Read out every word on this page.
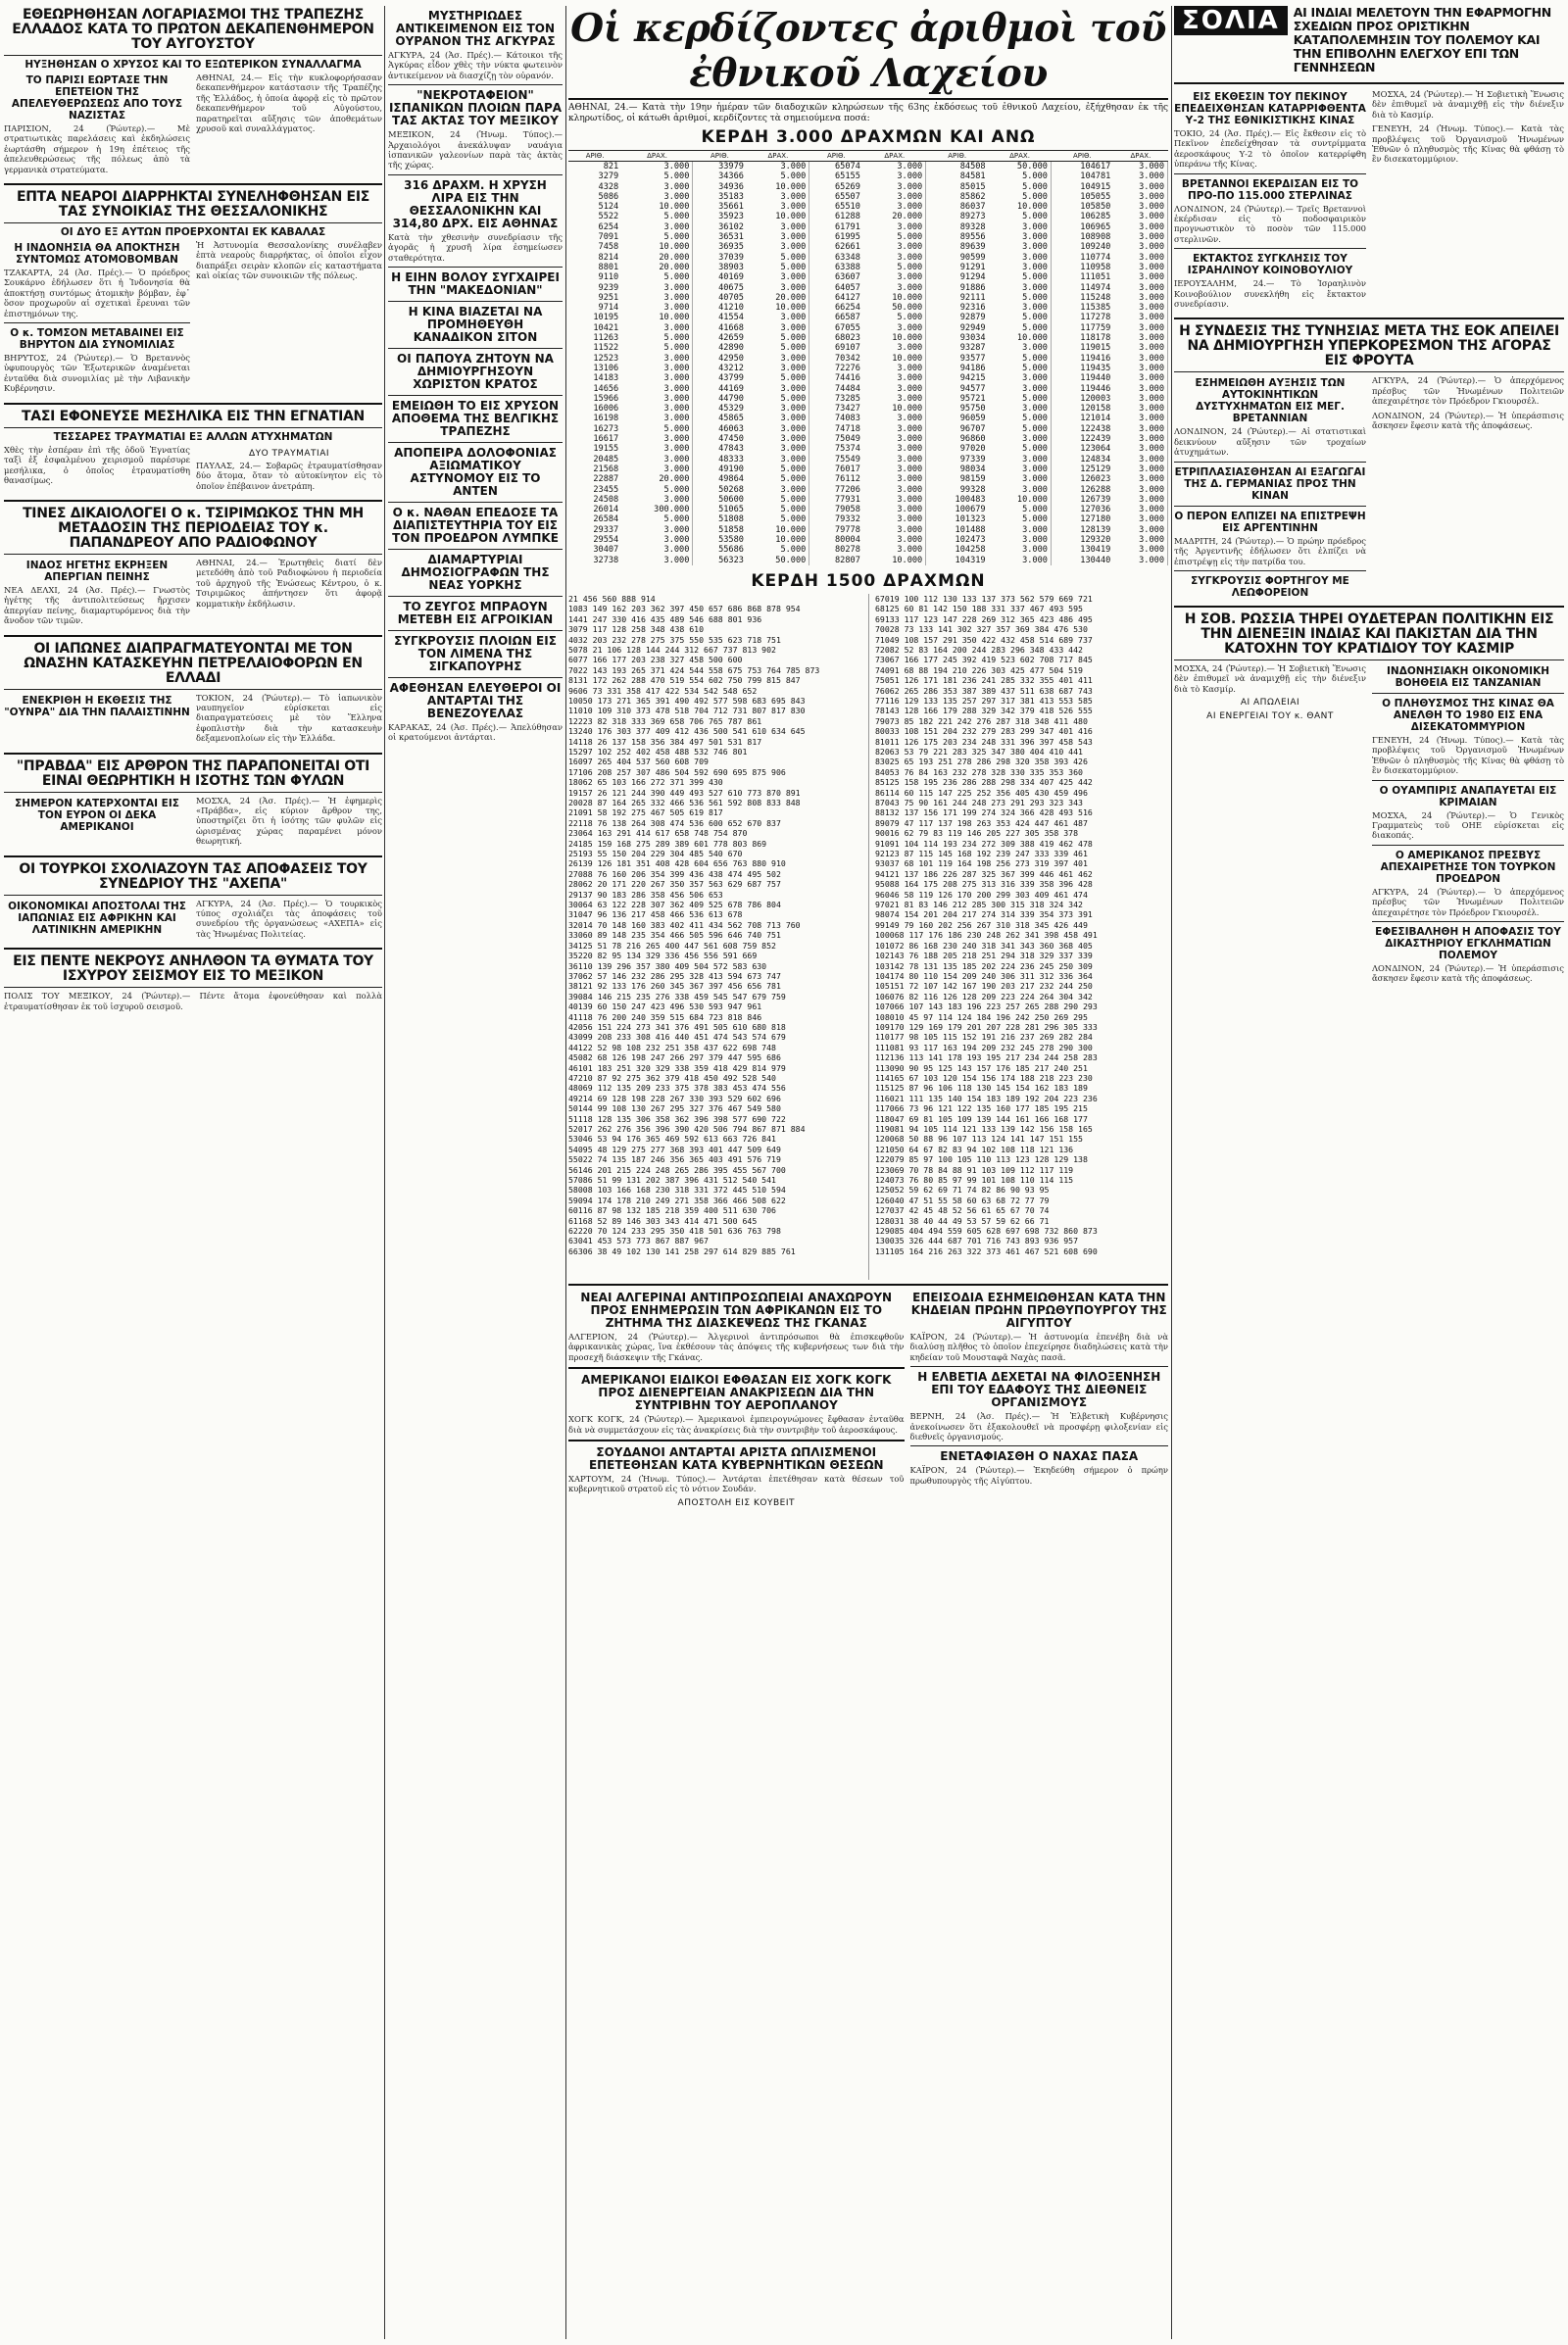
ΕΘΕΩΡΗΘΗΣΑΝ ΛΟΓΑΡΙΑΣΜΟΙ ΤΗΣ ΤΡΑΠΕΖΗΣ ΕΛΛΑΔΟΣ ΚΑΤΑ ΤΟ ΠΡΩΤΟΝ ΔΕΚΑΠΕΝΘΗΜΕΡΟΝ ΤΟΥ ΑΥΓΟΥΣΤΟΥ
ΗΥΞΗΘΗΣΑΝ Ο ΧΡΥΣΟΣ ΚΑΙ ΤΟ ΕΞΩΤΕΡΙΚΟΝ ΣΥΝΑΛΛΑΓΜΑ
ΤΟ ΠΑΡΙΣΙ ΕΩΡΤΑΣΕ ΤΗΝ ΕΠΕΤΕΙΟΝ ΤΗΣ ΑΠΕΛΕΥΘΕΡΩΣΕΩΣ ΑΠΟ ΤΟΥΣ ΝΑΖΙΣΤΑΣ

ΠΑΡΙΣΙΟΝ, 24 (Ῥώυτερ).— Μὲ στρατιωτικὰς παρελάσεις καὶ ἐκδηλώσεις ἐωρτάσθη σήμερον ἡ 19η ἐπέτειος τῆς ἀπελευθερώσεως τῆς πόλεως ἀπὸ τὰ γερμανικὰ στρατεύματα.

ΑΘΗΝΑΙ, 24.— Εἰς τὴν κυκλοφορήσασαν δεκαπενθήμερον κατάστασιν τῆς Τραπέζης τῆς Ἑλλάδος, ἡ ὁποία ἀφορᾷ εἰς τὸ πρῶτον δεκαπενθήμερον τοῦ Αὐγούστου, παρατηρεῖται αὔξησις τῶν ἀποθεμάτων χρυσοῦ καὶ συναλλάγματος.

ΕΠΤΑ ΝΕΑΡΟΙ ΔΙΑΡΡΗΚΤΑΙ ΣΥΝΕΛΗΦΘΗΣΑΝ ΕΙΣ ΤΑΣ ΣΥΝΟΙΚΙΑΣ ΤΗΣ ΘΕΣΣΑΛΟΝΙΚΗΣ
ΟΙ ΔΥΟ ΕΞ ΑΥΤΩΝ ΠΡΟΕΡΧΟΝΤΑΙ ΕΚ ΚΑΒΑΛΑΣ
Η ΙΝΔΟΝΗΣΙΑ ΘΑ ΑΠΟΚΤΗΣΗ ΣΥΝΤΟΜΩΣ ΑΤΟΜΟΒΟΜΒΑΝ

ΤΖΑΚΑΡΤΑ, 24 (Ἀσ. Πρές).— Ὁ πρόεδρος Σουκάρνο ἐδήλωσεν ὅτι ἡ Ἰνδονησία θὰ ἀποκτήσῃ συντόμως ἀτομικὴν βόμβαν, ἐφ᾽ ὅσον προχωροῦν αἱ σχετικαὶ ἔρευναι τῶν ἐπιστημόνων της.

Ο κ. ΤΟΜΣΟΝ ΜΕΤΑΒΑΙΝΕΙ ΕΙΣ ΒΗΡΥΤΟΝ ΔΙΑ ΣΥΝΟΜΙΛΙΑΣ

ΒΗΡΥΤΟΣ, 24 (Ῥώυτερ).— Ὁ Βρεταννὸς ὑφυπουργὸς τῶν Ἐξωτερικῶν ἀναμένεται ἐνταῦθα διὰ συνομιλίας μὲ τὴν Λιβανικὴν Κυβέρνησιν.

Ἡ Ἀστυνομία Θεσσαλονίκης συνέλαβεν ἑπτὰ νεαροὺς διαρρήκτας, οἱ ὁποῖοι εἶχον διαπράξει σειρὰν κλοπῶν εἰς καταστήματα καὶ οἰκίας τῶν συνοικιῶν τῆς πόλεως.

ΤΑΣΙ ΕΦΟΝΕΥΣΕ ΜΕΣΗΛΙΚΑ ΕΙΣ ΤΗΝ ΕΓΝΑΤΙΑΝ
ΤΕΣΣΑΡΕΣ ΤΡΑΥΜΑΤΙΑΙ ΕΞ ΑΛΛΩΝ ΑΤΥΧΗΜΑΤΩΝ

Χθὲς τὴν ἑσπέραν ἐπὶ τῆς ὁδοῦ Ἐγνατίας ταξὶ ἐξ ἐσφαλμένου χειρισμοῦ παρέσυρε μεσήλικα, ὁ ὁποῖος ἐτραυματίσθη θανασίμως.

ΔΥΟ ΤΡΑΥΜΑΤΙΑΙ

ΠΑΥΛΑΣ, 24.— Σοβαρῶς ἐτραυματίσθησαν δύο ἄτομα, ὅταν τὸ αὐτοκίνητον εἰς τὸ ὁποῖον ἐπέβαινον ἀνετράπη.

ΤΙΝΕΣ ΔΙΚΑΙΟΛΟΓΕΙ Ο κ. ΤΣΙΡΙΜΩΚΟΣ ΤΗΝ ΜΗ ΜΕΤΑΔΟΣΙΝ ΤΗΣ ΠΕΡΙΟΔΕΙΑΣ ΤΟΥ κ. ΠΑΠΑΝΔΡΕΟΥ ΑΠΟ ΡΑΔΙΟΦΩΝΟΥ
ΙΝΔΟΣ ΗΓΕΤΗΣ ΕΚΡΗΞΕΝ ΑΠΕΡΓΙΑΝ ΠΕΙΝΗΣ

ΝΕΑ ΔΕΛΧΙ, 24 (Ἀσ. Πρές).— Γνωστὸς ἡγέτης τῆς ἀντιπολιτεύσεως ἤρχισεν ἀπεργίαν πείνης, διαμαρτυρόμενος διὰ τὴν ἄνοδον τῶν τιμῶν.

ΑΘΗΝΑΙ, 24.— Ἐρωτηθεὶς διατί δὲν μετεδόθη ἀπὸ τοῦ Ραδιοφώνου ἡ περιοδεία τοῦ ἀρχηγοῦ τῆς Ἑνώσεως Κέντρου, ὁ κ. Τσιριμῶκος ἀπήντησεν ὅτι ἀφορᾷ κομματικὴν ἐκδήλωσιν.

ΟΙ ΙΑΠΩΝΕΣ ΔΙΑΠΡΑΓΜΑΤΕΥΟΝΤΑΙ ΜΕ ΤΟΝ ΩΝΑΣΗΝ ΚΑΤΑΣΚΕΥΗΝ ΠΕΤΡΕΛΑΙΟΦΟΡΩΝ ΕΝ ΕΛΛΑΔΙ
ΕΝΕΚΡΙΘΗ Η ΕΚΘΕΣΙΣ ΤΗΣ "ΟΥΝΡΑ" ΔΙΑ ΤΗΝ ΠΑΛΑΙΣΤΙΝΗΝ

ΤΟΚΙΟΝ, 24 (Ῥώυτερ).— Τὸ ἰαπωνικὸν ναυπηγεῖον εὑρίσκεται εἰς διαπραγματεύσεις μὲ τὸν Ἕλληνα ἐφοπλιστὴν διὰ τὴν κατασκευὴν δεξαμενοπλοίων εἰς τὴν Ἑλλάδα.

"ΠΡΑΒΔΑ" ΕΙΣ ΑΡΘΡΟΝ ΤΗΣ ΠΑΡΑΠΟΝΕΙΤΑΙ ΟΤΙ ΕΙΝΑΙ ΘΕΩΡΗΤΙΚΗ Η ΙΣΟΤΗΣ ΤΩΝ ΦΥΛΩΝ
ΣΗΜΕΡΟΝ ΚΑΤΕΡΧΟΝΤΑΙ ΕΙΣ ΤΟΝ ΕΥΡΟΝ ΟΙ ΔΕΚΑ ΑΜΕΡΙΚΑΝΟΙ

ΜΟΣΧΑ, 24 (Ἀσ. Πρές).— Ἡ ἐφημερὶς «Πράβδα», εἰς κύριον ἄρθρον της, ὑποστηρίζει ὅτι ἡ ἰσότης τῶν φυλῶν εἰς ὡρισμένας χώρας παραμένει μόνον θεωρητική.

ΟΙ ΤΟΥΡΚΟΙ ΣΧΟΛΙΑΖΟΥΝ ΤΑΣ ΑΠΟΦΑΣΕΙΣ ΤΟΥ ΣΥΝΕΔΡΙΟΥ ΤΗΣ "ΑΧΕΠΑ"
ΟΙΚΟΝΟΜΙΚΑΙ ΑΠΟΣΤΟΛΑΙ ΤΗΣ ΙΑΠΩΝΙΑΣ ΕΙΣ ΑΦΡΙΚΗΝ ΚΑΙ ΛΑΤΙΝΙΚΗΝ ΑΜΕΡΙΚΗΝ

ΑΓΚΥΡΑ, 24 (Ἀσ. Πρές).— Ὁ τουρκικὸς τύπος σχολιάζει τὰς ἀποφάσεις τοῦ συνεδρίου τῆς ὀργανώσεως «ΑΧΕΠΑ» εἰς τὰς Ἡνωμένας Πολιτείας.

ΕΙΣ ΠΕΝΤΕ ΝΕΚΡΟΥΣ ΑΝΗΛΘΟΝ ΤΑ ΘΥΜΑΤΑ ΤΟΥ ΙΣΧΥΡΟΥ ΣΕΙΣΜΟΥ ΕΙΣ ΤΟ ΜΕΞΙΚΟΝ

ΠΟΛΙΣ ΤΟΥ ΜΕΞΙΚΟΥ, 24 (Ῥώυτερ).— Πέντε ἄτομα ἐφονεύθησαν καὶ πολλὰ ἐτραυματίσθησαν ἐκ τοῦ ἰσχυροῦ σεισμοῦ.

ΜΥΣΤΗΡΙΩΔΕΣ ΑΝΤΙΚΕΙΜΕΝΟΝ ΕΙΣ ΤΟΝ ΟΥΡΑΝΟΝ ΤΗΣ ΑΓΚΥΡΑΣ

ΑΓΚΥΡΑ, 24 (Ἀσ. Πρές).— Κάτοικοι τῆς Ἀγκύρας εἶδον χθὲς τὴν νύκτα φωτεινὸν ἀντικείμενον νὰ διασχίζῃ τὸν οὐρανόν.

"ΝΕΚΡΟΤΑΦΕΙΟΝ" ΙΣΠΑΝΙΚΩΝ ΠΛΟΙΩΝ ΠΑΡΑ ΤΑΣ ΑΚΤΑΣ ΤΟΥ ΜΕΞΙΚΟΥ

ΜΕΞΙΚΟΝ, 24 (Ἡνωμ. Τύπος).— Ἀρχαιολόγοι ἀνεκάλυψαν ναυάγια ἱσπανικῶν γαλεονίων παρὰ τὰς ἀκτὰς τῆς χώρας.

316 ΔΡΑΧΜ. Η ΧΡΥΣΗ ΛΙΡΑ ΕΙΣ ΤΗΝ ΘΕΣΣΑΛΟΝΙΚΗΝ ΚΑΙ 314,80 ΔΡΧ. ΕΙΣ ΑΘΗΝΑΣ

Κατὰ τὴν χθεσινὴν συνεδρίασιν τῆς ἀγορᾶς ἡ χρυσῆ λίρα ἐσημείωσεν σταθερότητα.

Η ΕΙΗΝ ΒΟΛΟΥ ΣΥΓΧΑΙΡΕΙ ΤΗΝ "ΜΑΚΕΔΟΝΙΑΝ"
Η ΚΙΝΑ ΒΙΑΖΕΤΑΙ ΝΑ ΠΡΟΜΗΘΕΥΘΗ ΚΑΝΑΔΙΚΟΝ ΣΙΤΟΝ
ΟΙ ΠΑΠΟΥΑ ΖΗΤΟΥΝ ΝΑ ΔΗΜΙΟΥΡΓΗΣΟΥΝ ΧΩΡΙΣΤΟΝ ΚΡΑΤΟΣ
ΕΜΕΙΩΘΗ ΤΟ ΕΙΣ ΧΡΥΣΟΝ ΑΠΟΘΕΜΑ ΤΗΣ ΒΕΛΓΙΚΗΣ ΤΡΑΠΕΖΗΣ
ΑΠΟΠΕΙΡΑ ΔΟΛΟΦΟΝΙΑΣ ΑΞΙΩΜΑΤΙΚΟΥ ΑΣΤΥΝΟΜΟΥ ΕΙΣ ΤΟ ΑΝΤΕΝ
Ο κ. ΝΑΘΑΝ ΕΠΕΔΟΣΕ ΤΑ ΔΙΑΠΙΣΤΕΥΤΗΡΙΑ ΤΟΥ ΕΙΣ ΤΟΝ ΠΡΟΕΔΡΟΝ ΛΥΜΠΚΕ
ΔΙΑΜΑΡΤΥΡΙΑΙ ΔΗΜΟΣΙΟΓΡΑΦΩΝ ΤΗΣ ΝΕΑΣ ΥΟΡΚΗΣ
ΤΟ ΖΕΥΓΟΣ ΜΠΡΑΟΥΝ ΜΕΤΕΒΗ ΕΙΣ ΑΓΡΟΙΚΙΑΝ
ΣΥΓΚΡΟΥΣΙΣ ΠΛΟΙΩΝ ΕΙΣ ΤΟΝ ΛΙΜΕΝΑ ΤΗΣ ΣΙΓΚΑΠΟΥΡΗΣ
ΑΦΕΘΗΣΑΝ ΕΛΕΥΘΕΡΟΙ ΟΙ ΑΝΤΑΡΤΑΙ ΤΗΣ ΒΕΝΕΖΟΥΕΛΑΣ

ΚΑΡΑΚΑΣ, 24 (Ἀσ. Πρές).— Ἀπελύθησαν οἱ κρατούμενοι ἀντάρται.

Οἱ κερδίζοντες ἀριθμοὶ τοῦ ἐθνικοῦ Λαχείου

ΑΘΗΝΑΙ, 24.— Κατὰ τὴν 19ην ἡμέραν τῶν διαδοχικῶν κληρώσεων τῆς 63ης ἐκδόσεως τοῦ ἐθνικοῦ Λαχείου, ἐξήχθησαν ἐκ τῆς κληρωτίδος, οἱ κάτωθι ἀριθμοί, κερδίζοντες τὰ σημειούμενα ποσά:

ΚΕΡΔΗ 3.000 ΔΡΑΧΜΩΝ ΚΑΙ ΑΝΩ
ΑΡΙΘ.	ΔΡΑΧ.	ΑΡΙΘ.	ΔΡΑΧ.	ΑΡΙΘ.	ΔΡΑΧ.	ΑΡΙΘ.	ΔΡΑΧ.	ΑΡΙΘ.	ΔΡΑΧ.
821	3.000	33979	3.000	65074	3.000	84508	50.000	104617	3.000
3279	5.000	34366	5.000	65155	3.000	84581	5.000	104781	3.000
4328	3.000	34936	10.000	65269	3.000	85015	5.000	104915	3.000
5086	3.000	35183	3.000	65507	3.000	85862	5.000	105055	3.000
5124	10.000	35661	3.000	65510	3.000	86037	10.000	105850	3.000
5522	5.000	35923	10.000	61288	20.000	89273	5.000	106285	3.000
6254	3.000	36102	3.000	61791	3.000	89328	3.000	106965	3.000
7091	5.000	36531	3.000	61995	5.000	89556	3.000	108908	3.000
7458	10.000	36935	3.000	62661	3.000	89639	3.000	109240	3.000
8214	20.000	37039	5.000	63348	3.000	90599	3.000	110774	3.000
8801	20.000	38903	5.000	63388	5.000	91291	3.000	110958	3.000
9110	5.000	40169	3.000	63607	3.000	91294	5.000	111051	3.000
9239	3.000	40675	3.000	64057	3.000	91886	3.000	114974	3.000
9251	3.000	40705	20.000	64127	10.000	92111	5.000	115248	3.000
9714	3.000	41210	10.000	66254	50.000	92316	3.000	115385	3.000
10195	10.000	41554	3.000	66587	5.000	92879	5.000	117278	3.000
10421	3.000	41668	3.000	67055	3.000	92949	5.000	117759	3.000
11263	5.000	42659	5.000	68023	10.000	93034	10.000	118178	3.000
11522	5.000	42890	5.000	69107	3.000	93287	3.000	119015	3.000
12523	3.000	42950	3.000	70342	10.000	93577	5.000	119416	3.000
13106	3.000	43212	3.000	72276	3.000	94186	5.000	119435	3.000
14183	3.000	43799	5.000	74416	3.000	94215	3.000	119440	3.000
14656	3.000	44169	3.000	74484	3.000	94577	3.000	119446	3.000
15966	3.000	44790	5.000	73285	3.000	95721	5.000	120003	3.000
16006	3.000	45329	3.000	73427	10.000	95750	3.000	120158	3.000
16198	3.000	45865	3.000	74083	3.000	96059	5.000	121014	3.000
16273	5.000	46063	3.000	74718	3.000	96707	5.000	122438	3.000
16617	3.000	47450	3.000	75049	3.000	96860	3.000	122439	3.000
19155	3.000	47843	3.000	75374	3.000	97020	5.000	123064	3.000
20485	3.000	48333	3.000	75549	3.000	97339	3.000	124834	3.000
21568	3.000	49190	5.000	76017	3.000	98034	3.000	125129	3.000
22887	20.000	49864	5.000	76112	3.000	98159	3.000	126023	3.000
23455	5.000	50268	3.000	77206	3.000	99328	3.000	126288	3.000
24508	3.000	50600	5.000	77931	3.000	100483	10.000	126739	3.000
26014	300.000	51065	5.000	79058	3.000	100679	5.000	127036	3.000
26584	5.000	51808	5.000	79332	3.000	101323	5.000	127180	3.000
29337	3.000	51858	10.000	79778	3.000	101488	3.000	128139	3.000
29554	3.000	53580	10.000	80004	3.000	102473	3.000	129320	3.000
30407	3.000	55686	5.000	80278	3.000	104258	3.000	130419	3.000
32738	3.000	56323	50.000	82807	10.000	104319	3.000	130440	3.000
ΚΕΡΔΗ 1500 ΔΡΑΧΜΩΝ
21 456 560 888 914
1083 149 162 203 362 397 450 657 686 868 878 954
1441 247 330 416 435 489 546 688 801 936
3079 117 128 258 348 438 610
4032 203 232 278 275 375 550 535 623 718 751
5078 21 106 128 144 244 312 667 737 813 902
6077 166 177 203 238 327 458 500 600
7022 143 193 265 371 424 544 558 675 753 764 785 873
8131 172 262 288 470 519 554 602 750 799 815 847
9606 73 331 358 417 422 534 542 548 652
10050 173 271 365 391 490 492 577 598 683 695 843
11010 109 310 373 478 518 704 712 731 807 817 830
12223 82 318 333 369 658 706 765 787 861
13240 176 303 377 409 412 436 500 541 610 634 645
14118 26 137 158 356 384 497 501 531 817
15297 102 252 402 458 488 532 746 801
16097 265 404 537 560 608 709
17106 208 257 307 486 504 592 690 695 875 906
18062 65 103 166 272 371 399 430
19157 26 121 244 390 449 493 527 610 773 870 891
20028 87 164 265 332 466 536 561 592 808 833 848
21091 58 192 275 467 505 619 817
22118 76 138 264 308 474 536 600 652 670 837
23064 163 291 414 617 658 748 754 870
24185 159 168 275 289 389 601 778 803 869
25193 55 150 204 229 304 485 540 670
26139 126 181 351 408 428 604 656 763 880 910
27088 76 160 206 354 399 436 438 474 495 502
28062 20 171 220 267 350 357 563 629 687 757
29137 90 183 286 358 456 506 653
30064 63 122 228 307 362 409 525 678 786 804
31047 96 136 217 458 466 536 613 678
32014 70 148 160 383 402 411 434 562 708 713 760
33060 89 148 235 354 466 505 596 646 740 751
34125 51 78 216 265 400 447 561 608 759 852
35220 82 95 134 329 336 456 556 591 669
36110 139 296 357 380 409 504 572 583 630
37062 57 146 232 286 295 328 413 594 673 747
38121 92 133 176 260 345 367 397 456 656 781
39084 146 215 235 276 338 459 545 547 679 759
40139 60 150 247 423 496 530 593 947 961
41118 76 200 240 359 515 684 723 818 846
42056 151 224 273 341 376 491 505 610 680 818
43099 208 233 308 416 440 451 474 543 574 679
44122 52 98 108 232 251 358 437 622 698 748
45082 68 126 198 247 266 297 379 447 595 686
46101 183 251 320 329 338 359 418 429 814 979
47210 87 92 275 362 379 418 450 492 528 540
48069 112 135 209 233 375 378 383 453 474 556
49214 69 128 198 228 267 330 393 529 602 696
50144 99 108 130 267 295 327 376 467 549 580
51118 128 135 306 358 362 396 398 577 690 722
52017 262 276 356 396 390 420 506 794 867 871 884
53046 53 94 176 365 469 592 613 663 726 841
54095 48 129 275 277 368 393 401 447 509 649
55022 74 135 187 246 356 365 403 491 576 719
56146 201 215 224 248 265 286 395 455 567 700
57086 51 99 131 202 387 396 431 512 540 541
58008 103 166 168 230 318 331 372 445 510 594
59094 174 178 210 249 271 358 366 466 508 622
60116 87 98 132 185 218 359 400 511 630 706
61168 52 89 146 303 343 414 471 500 645
62220 70 124 233 295 350 418 501 636 763 798
63041 453 573 773 867 887 967
66306 38 49 102 130 141 258 297 614 829 885 761
67019 100 112 130 133 137 373 562 579 669 721
68125 60 81 142 150 188 331 337 467 493 595
69133 117 123 147 228 269 312 365 423 486 495
70028 73 133 141 302 327 357 369 384 476 530
71049 108 157 291 350 422 432 458 514 689 737
72082 52 83 164 200 244 283 296 348 433 442
73067 166 177 245 392 419 523 602 708 717 845
74091 68 88 194 210 226 303 425 477 504 519
75051 126 171 181 236 241 285 332 355 401 411
76062 265 286 353 387 389 437 511 638 687 743
77116 129 133 135 257 297 317 381 413 553 585
78143 128 166 179 288 329 342 379 418 526 555
79073 85 182 221 242 276 287 318 348 411 480
80033 108 151 204 232 279 283 299 347 401 416
81011 126 175 203 234 248 331 396 397 458 543
82063 53 79 221 283 325 347 380 404 410 441
83025 65 193 251 278 286 298 320 358 393 426
84053 76 84 163 232 278 328 330 335 353 360
85125 158 195 236 286 288 298 334 407 425 442
86114 60 115 147 225 252 356 405 430 459 496
87043 75 90 161 244 248 273 291 293 323 343
88132 137 156 171 199 274 324 366 428 493 516
89079 47 117 137 198 263 353 424 447 461 487
90016 62 79 83 119 146 205 227 305 358 378
91091 104 114 193 234 272 309 388 419 462 478
92123 87 115 145 168 192 239 247 333 339 461
93037 68 101 119 164 198 256 273 319 397 401
94121 137 186 226 287 325 367 399 446 461 462
95088 164 175 208 275 313 316 339 358 396 428
96046 58 119 126 170 200 299 303 409 461 474
97021 81 83 146 212 285 300 315 318 324 342
98074 154 201 204 217 274 314 339 354 373 391
99149 79 160 202 256 267 310 318 345 426 449
100068 117 176 186 230 248 262 341 398 458 491
101072 86 168 230 240 318 341 343 360 368 405
102143 76 188 205 218 251 294 318 329 337 339
103142 78 131 135 185 202 224 236 245 250 309
104174 80 110 154 209 240 306 311 312 336 364
105151 72 107 142 167 190 203 217 232 244 250
106076 82 116 126 128 209 223 224 264 304 342
107066 107 143 183 196 223 257 265 288 290 293
108010 45 97 114 124 184 196 242 250 269 295
109170 129 169 179 201 207 228 281 296 305 333
110177 98 105 115 152 191 216 237 269 282 284
111081 93 117 163 194 209 232 245 278 290 300
112136 113 141 178 193 195 217 234 244 258 283
113090 90 95 125 143 157 176 185 217 240 251
114165 67 103 120 154 156 174 188 218 223 230
115125 87 96 106 118 130 145 154 162 183 189
116021 111 135 140 154 183 189 192 204 223 236
117066 73 96 121 122 135 160 177 185 195 215
118047 69 81 105 109 139 144 161 166 168 177
119081 94 105 114 121 133 139 142 156 158 165
120068 50 88 96 107 113 124 141 147 151 155
121050 64 67 82 83 94 102 108 118 121 136
122079 85 97 100 105 110 113 123 128 129 138
123069 70 78 84 88 91 103 109 112 117 119
124073 76 80 85 97 99 101 108 110 114 115
125052 59 62 69 71 74 82 86 90 93 95
126040 47 51 55 58 60 63 68 72 77 79
127037 42 45 48 52 56 61 65 67 70 74
128031 38 40 44 49 53 57 59 62 66 71
129085 404 494 559 605 628 697 698 732 860 873
130035 326 444 687 701 716 743 893 936 957
131105 164 216 263 322 373 461 467 521 608 690
ΝΕΑΙ ΑΛΓΕΡΙΝΑΙ ΑΝΤΙΠΡΟΣΩΠΕΙΑΙ ΑΝΑΧΩΡΟΥΝ ΠΡΟΣ ΕΝΗΜΕΡΩΣΙΝ ΤΩΝ ΑΦΡΙΚΑΝΩΝ ΕΙΣ ΤΟ ΖΗΤΗΜΑ ΤΗΣ ΔΙΑΣΚΕΨΕΩΣ ΤΗΣ ΓΚΑΝΑΣ

ΑΛΓΕΡΙΟΝ, 24 (Ῥώυτερ).— Ἀλγερινοὶ ἀντιπρόσωποι θὰ ἐπισκεφθοῦν ἀφρικανικὰς χώρας, ἵνα ἐκθέσουν τὰς ἀπόψεις τῆς κυβερνήσεως των διὰ τὴν προσεχῆ διάσκεψιν τῆς Γκάνας.

ΑΜΕΡΙΚΑΝΟΙ ΕΙΔΙΚΟΙ ΕΦΘΑΣΑΝ ΕΙΣ ΧΟΓΚ ΚΟΓΚ ΠΡΟΣ ΔΙΕΝΕΡΓΕΙΑΝ ΑΝΑΚΡΙΣΕΩΝ ΔΙΑ ΤΗΝ ΣΥΝΤΡΙΒΗΝ ΤΟΥ ΑΕΡΟΠΛΑΝΟΥ

ΧΟΓΚ ΚΟΓΚ, 24 (Ῥώυτερ).— Ἀμερικανοὶ ἐμπειρογνώμονες ἔφθασαν ἐνταῦθα διὰ νὰ συμμετάσχουν εἰς τὰς ἀνακρίσεις διὰ τὴν συντριβὴν τοῦ ἀεροσκάφους.

ΣΟΥΔΑΝΟΙ ΑΝΤΑΡΤΑΙ ΑΡΙΣΤΑ ΩΠΛΙΣΜΕΝΟΙ ΕΠΕΤΕΘΗΣΑΝ ΚΑΤΑ ΚΥΒΕΡΝΗΤΙΚΩΝ ΘΕΣΕΩΝ

ΧΑΡΤΟΥΜ, 24 (Ἡνωμ. Τύπος).— Ἀντάρται ἐπετέθησαν κατὰ θέσεων τοῦ κυβερνητικοῦ στρατοῦ εἰς τὸ νότιον Σουδάν.

ΑΠΟΣΤΟΛΗ ΕΙΣ ΚΟΥΒΕΙΤ
ΕΠΕΙΣΟΔΙΑ ΕΣΗΜΕΙΩΘΗΣΑΝ ΚΑΤΑ ΤΗΝ ΚΗΔΕΙΑΝ ΠΡΩΗΝ ΠΡΩΘΥΠΟΥΡΓΟΥ ΤΗΣ ΑΙΓΥΠΤΟΥ

ΚΑΪΡΟΝ, 24 (Ῥώυτερ).— Ἡ ἀστυνομία ἐπενέβη διὰ νὰ διαλύσῃ πλῆθος τὸ ὁποῖον ἐπεχείρησε διαδηλώσεις κατὰ τὴν κηδείαν τοῦ Μουσταφᾶ Ναχὰς πασᾶ.

Η ΕΛΒΕΤΙΑ ΔΕΧΕΤΑΙ ΝΑ ΦΙΛΟΞΕΝΗΣΗ ΕΠΙ ΤΟΥ ΕΔΑΦΟΥΣ ΤΗΣ ΔΙΕΘΝΕΙΣ ΟΡΓΑΝΙΣΜΟΥΣ

ΒΕΡΝΗ, 24 (Ἀσ. Πρές).— Ἡ Ἑλβετικὴ Κυβέρνησις ἀνεκοίνωσεν ὅτι ἐξακολουθεῖ νὰ προσφέρῃ φιλοξενίαν εἰς διεθνεῖς ὀργανισμούς.

ΕΝΕΤΑΦΙΑΣΘΗ Ο ΝΑΧΑΣ ΠΑΣΑ

ΚΑΪΡΟΝ, 24 (Ῥώυτερ).— Ἐκηδεύθη σήμερον ὁ πρώην πρωθυπουργὸς τῆς Αἰγύπτου.

ΣΟΛΙΑ	ΑΙ ΙΝΔΙΑΙ ΜΕΛΕΤΟΥΝ ΤΗΝ ΕΦΑΡΜΟΓΗΝ ΣΧΕΔΙΩΝ ΠΡΟΣ ΟΡΙΣΤΙΚΗΝ ΚΑΤΑΠΟΛΕΜΗΣΙΝ ΤΟΥ ΠΟΛΕΜΟΥ ΚΑΙ ΤΗΝ ΕΠΙΒΟΛΗΝ ΕΛΕΓΧΟΥ ΕΠΙ ΤΩΝ ΓΕΝΝΗΣΕΩΝ
ΕΙΣ ΕΚΘΕΣΙΝ ΤΟΥ ΠΕΚΙΝΟΥ ΕΠΕΔΕΙΧΘΗΣΑΝ ΚΑΤΑΡΡΙΦΘΕΝΤΑ Υ-2 ΤΗΣ ΕΘΝΙΚΙΣΤΙΚΗΣ ΚΙΝΑΣ

ΤΟΚΙΟ, 24 (Ἀσ. Πρές).— Εἰς ἔκθεσιν εἰς τὸ Πεκῖνον ἐπεδείχθησαν τὰ συντρίμματα ἀεροσκάφους Υ-2 τὸ ὁποῖον κατερρίφθη ὑπεράνω τῆς Κίνας.

ΒΡΕΤΑΝΝΟΙ ΕΚΕΡΔΙΣΑΝ ΕΙΣ ΤΟ ΠΡΟ-ΠΟ 115.000 ΣΤΕΡΛΙΝΑΣ

ΛΟΝΔΙΝΟΝ, 24 (Ῥώυτερ).— Τρεῖς Βρεταννοὶ ἐκέρδισαν εἰς τὸ ποδοσφαιρικὸν προγνωστικὸν τὸ ποσὸν τῶν 115.000 στερλινῶν.

ΕΚΤΑΚΤΟΣ ΣΥΓΚΛΗΣΙΣ ΤΟΥ ΙΣΡΑΗΛΙΝΟΥ ΚΟΙΝΟΒΟΥΛΙΟΥ

ΙΕΡΟΥΣΑΛΗΜ, 24.— Τὸ Ἰσραηλινὸν Κοινοβούλιον συνεκλήθη εἰς ἔκτακτον συνεδρίασιν.

ΜΟΣΧΑ, 24 (Ῥώυτερ).— Ἡ Σοβιετικὴ Ἕνωσις δὲν ἐπιθυμεῖ νὰ ἀναμιχθῇ εἰς τὴν διένεξιν διὰ τὸ Κασμίρ.

ΓΕΝΕΥΗ, 24 (Ἡνωμ. Τύπος).— Κατὰ τὰς προβλέψεις τοῦ Ὀργανισμοῦ Ἡνωμένων Ἐθνῶν ὁ πληθυσμὸς τῆς Κίνας θὰ φθάσῃ τὸ ἓν δισεκατομμύριον.

Η ΣΥΝΔΕΣΙΣ ΤΗΣ ΤΥΝΗΣΙΑΣ ΜΕΤΑ ΤΗΣ ΕΟΚ ΑΠΕΙΛΕΙ ΝΑ ΔΗΜΙΟΥΡΓΗΣΗ ΥΠΕΡΚΟΡΕΣΜΟΝ ΤΗΣ ΑΓΟΡΑΣ ΕΙΣ ΦΡΟΥΤΑ
ΕΣΗΜΕΙΩΘΗ ΑΥΞΗΣΙΣ ΤΩΝ ΑΥΤΟΚΙΝΗΤΙΚΩΝ ΔΥΣΤΥΧΗΜΑΤΩΝ ΕΙΣ ΜΕΓ. ΒΡΕΤΑΝΝΙΑΝ

ΛΟΝΔΙΝΟΝ, 24 (Ῥώυτερ).— Αἱ στατιστικαὶ δεικνύουν αὔξησιν τῶν τροχαίων ἀτυχημάτων.

ΕΤΡΙΠΛΑΣΙΑΣΘΗΣΑΝ ΑΙ ΕΞΑΓΩΓΑΙ ΤΗΣ Δ. ΓΕΡΜΑΝΙΑΣ ΠΡΟΣ ΤΗΝ ΚΙΝΑΝ
Ο ΠΕΡΟΝ ΕΛΠΙΖΕΙ ΝΑ ΕΠΙΣΤΡΕΨΗ ΕΙΣ ΑΡΓΕΝΤΙΝΗΝ

ΜΑΔΡΙΤΗ, 24 (Ῥώυτερ).— Ὁ πρώην πρόεδρος τῆς Ἀργεντινῆς ἐδήλωσεν ὅτι ἐλπίζει νὰ ἐπιστρέψῃ εἰς τὴν πατρίδα του.

ΣΥΓΚΡΟΥΣΙΣ ΦΟΡΤΗΓΟΥ ΜΕ ΛΕΩΦΟΡΕΙΟΝ

ΑΓΚΥΡΑ, 24 (Ῥώυτερ).— Ὁ ἀπερχόμενος πρέσβυς τῶν Ἡνωμένων Πολιτειῶν ἀπεχαιρέτησε τὸν Πρόεδρον Γκιουρσέλ.

ΛΟΝΔΙΝΟΝ, 24 (Ῥώυτερ).— Ἡ ὑπεράσπισις ἄσκησεν ἔφεσιν κατὰ τῆς ἀποφάσεως.

Η ΣΟΒ. ΡΩΣΣΙΑ ΤΗΡΕΙ ΟΥΔΕΤΕΡΑΝ ΠΟΛΙΤΙΚΗΝ ΕΙΣ ΤΗΝ ΔΙΕΝΕΞΙΝ ΙΝΔΙΑΣ ΚΑΙ ΠΑΚΙΣΤΑΝ ΔΙΑ ΤΗΝ ΚΑΤΟΧΗΝ ΤΟΥ ΚΡΑΤΙΔΙΟΥ ΤΟΥ ΚΑΣΜΙΡ

ΜΟΣΧΑ, 24 (Ῥώυτερ).— Ἡ Σοβιετικὴ Ἕνωσις δὲν ἐπιθυμεῖ νὰ ἀναμιχθῇ εἰς τὴν διένεξιν διὰ τὸ Κασμίρ.

ΑΙ ΑΠΩΛΕΙΑΙ
ΑΙ ΕΝΕΡΓΕΙΑΙ ΤΟΥ κ. ΘΑΝΤ
ΙΝΔΟΝΗΣΙΑΚΗ ΟΙΚΟΝΟΜΙΚΗ ΒΟΗΘΕΙΑ ΕΙΣ ΤΑΝΖΑΝΙΑΝ
Ο ΠΛΗΘΥΣΜΟΣ ΤΗΣ ΚΙΝΑΣ ΘΑ ΑΝΕΛΘΗ ΤΟ 1980 ΕΙΣ ΕΝΑ ΔΙΣΕΚΑΤΟΜΜΥΡΙΟΝ

ΓΕΝΕΥΗ, 24 (Ἡνωμ. Τύπος).— Κατὰ τὰς προβλέψεις τοῦ Ὀργανισμοῦ Ἡνωμένων Ἐθνῶν ὁ πληθυσμὸς τῆς Κίνας θὰ φθάσῃ τὸ ἓν δισεκατομμύριον.

Ο ΟΥΑΜΠΙΡΙΣ ΑΝΑΠΑΥΕΤΑΙ ΕΙΣ ΚΡΙΜΑΙΑΝ

ΜΟΣΧΑ, 24 (Ῥώυτερ).— Ὁ Γενικὸς Γραμματεὺς τοῦ ΟΗΕ εὑρίσκεται εἰς διακοπάς.

Ο ΑΜΕΡΙΚΑΝΟΣ ΠΡΕΣΒΥΣ ΑΠΕΧΑΙΡΕΤΗΣΕ ΤΟΝ ΤΟΥΡΚΟΝ ΠΡΟΕΔΡΟΝ

ΑΓΚΥΡΑ, 24 (Ῥώυτερ).— Ὁ ἀπερχόμενος πρέσβυς τῶν Ἡνωμένων Πολιτειῶν ἀπεχαιρέτησε τὸν Πρόεδρον Γκιουρσέλ.

ΕΦΕΣΙΒΑΛΗΘΗ Η ΑΠΟΦΑΣΙΣ ΤΟΥ ΔΙΚΑΣΤΗΡΙΟΥ ΕΓΚΛΗΜΑΤΙΩΝ ΠΟΛΕΜΟΥ

ΛΟΝΔΙΝΟΝ, 24 (Ῥώυτερ).— Ἡ ὑπεράσπισις ἄσκησεν ἔφεσιν κατὰ τῆς ἀποφάσεως.
